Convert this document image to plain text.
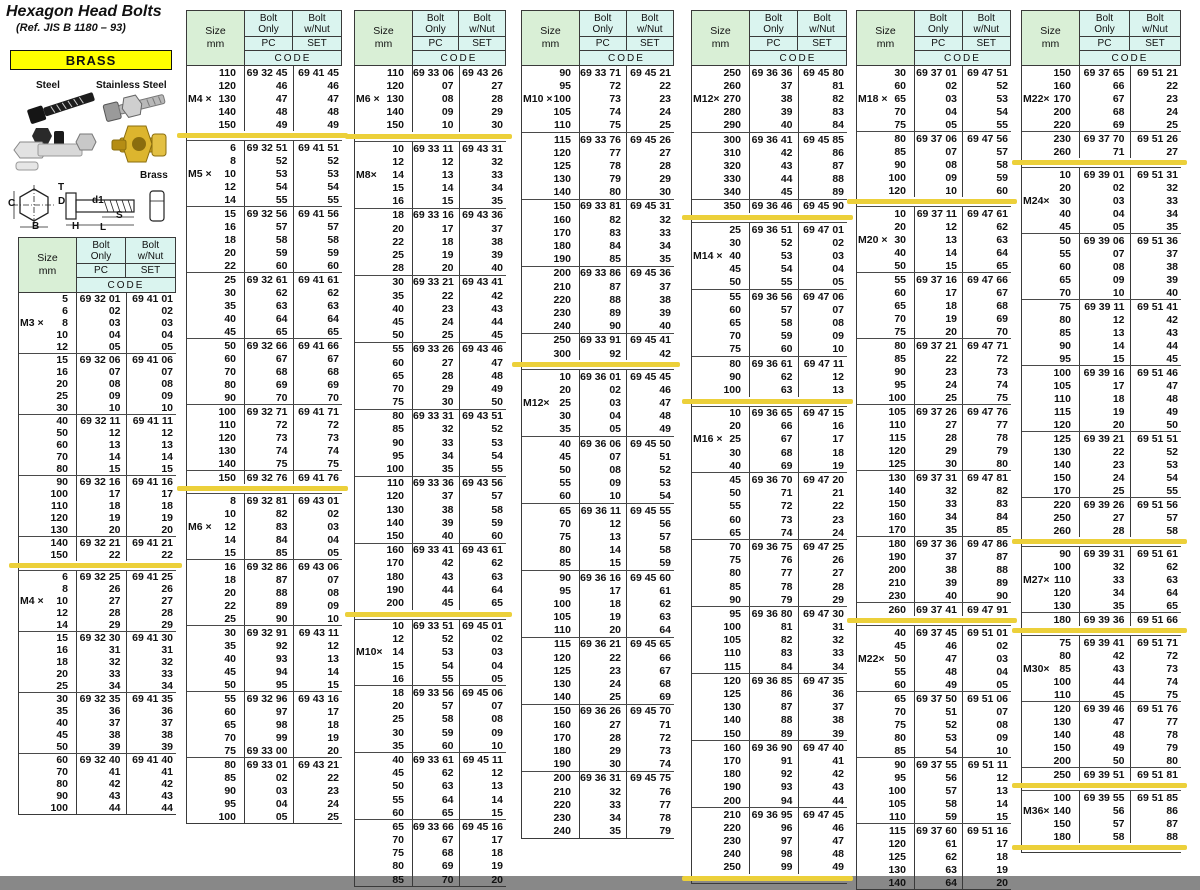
Hexagon Head Bolts
(Ref. JIS B 1180 – 93)
BRASS
Steel	Stainless Steel
Brass
C
B
T
D	d1
H L
S
Size
mm
Bolt
Only
Bolt
w/Nut
PC	SET
CODE
5 69 32 01	69 41 01
6	02	02
M3 × 8	03	03
10	04	04
12	05	05
15 69 32 06	69 41 06
16	07	07
20	08	08
25	09	09
30	10	10
40	69 32 11	69 41 11
50	12	12
60	13	13
70	14	14
80	15	15
90 69 32 16	69 41 16
100	17	17
110	18	18
120	19	19
130	20	20
140 69 32 21	69 41 21
150	22	22
6 69 32 25	69 41 25
8	26	26
M4 × 10	27	27
12	28	28
14	29	29
15 69 32 30	69 41 30
16	31	31
18	32	32
20	33	33
25	34	34
30 69 32 35	69 41 35
35	36	36
40	37	37
45	38	38
50	39	39
60 69 32 40	69 41 40
70	41	41
80	42	42
90	43	43
100	44	44
Size
mm
Bolt
Only
Bolt
w/Nut
PC	SET
CODE
110 69 32 45	69 41 45
120	46	46
M4 × 130	47	47
140	48	48
150	49	49
6 69 32 51	69 41 51
8	52	52
M5 × 10	53	53
12	54	54
14	55	55
15 69 32 56	69 41 56
16	57	57
18	58	58
20	59	59
22	60	60
25 69 32 61	69 41 61
30	62	62
35	63	63
40	64	64
45	65	65
50 69 32 66	69 41 66
60	67	67
70	68	68
80	69	69
90	70	70
100 69 32 71	69 41 71
110	72	72
120	73	73
130	74	74
140	75	75
150 69 32 76	69 41 76
8 69 32 81	69 43 01
10	82	02
M6 × 12	83	03
14	84	04
15	85	05
16 69 32 86	69 43 06
18	87	07
20	88	08
22	89	09
25	90	10
30 69 32 91	69 43 11
35	92	12
40	93	13
45	94	14
50	95	15
55 69 32 96	69 43 16
60	97	17
65	98	18
70	99	19
75 69 33 00	20
80 69 33 01	69 43 21
85	02	22
90	03	23
95	04	24
100	05	25
Size
mm
Bolt
Only
Bolt
w/Nut
PC	SET
CODE
110 69 33 06 69 43 26
120	07	27
M6 × 130	08	28
140	09	29
150	10	30
10 69 33 11 69 43 31
12	12	32
M8× 14	13	33
15	14	34
16	15	35
18 69 33 16 69 43 36
20	17	37
22	18	38
25	19	39
28	20	40
30 69 33 21 69 43 41
35	22	42
40	23	43
45	24	44
50	25	45
55 69 33 26 69 43 46
60	27	47
65	28	48
70	29	49
75	30	50
80 69 33 31 69 43 51
85	32	52
90	33	53
95	34	54
100	35	55
110 69 33 36 69 43 56
120	37	57
130	38	58
140	39	59
150	40	60
160 69 33 41 69 43 61
170	42	62
180	43	63
190	44	64
200	45	65
10 69 33 51 69 45 01
12	52	02
M10× 14	53	03
15	54	04
16	55	05
18 69 33 56 69 45 06
20	57	07
25	58	08
30	59	09
35	60	10
40 69 33 61 69 45 11
45	62	12
50	63	13
55	64	14
60	65	15
65 69 33 66 69 45 16
70	67	17
75	68	18
80	69	19
85	70	20
Size
mm
Bolt
Only
Bolt
w/Nut
PC	SET
CODE
90 69 33 71 69 45 21
95	72	22
M10 × 100	73	23
105	74	24
110	75	25
115 69 33 76 69 45 26
120	77	27
125	78	28
130	79	29
140	80	30
150 69 33 81 69 45 31
160	82	32
170	83	33
180	84	34
190	85	35
200 69 33 86 69 45 36
210	87	37
220	88	38
230	89	39
240	90	40
250 69 33 91 69 45 41
300	92	42
10 69 36 01 69 45 45
20	02	46
M12× 25	03	47
30	04	48
35	05	49
40 69 36 06 69 45 50
45	07	51
50	08	52
55	09	53
60	10	54
65 69 36 11 69 45 55
70	12	56
75	13	57
80	14	58
85	15	59
90 69 36 16 69 45 60
95	17	61
100	18	62
105	19	63
110	20	64
115 69 36 21 69 45 65
120	22	66
125	23	67
130	24	68
140	25	69
150 69 36 26 69 45 70
160	27	71
170	28	72
180	29	73
190	30	74
200 69 36 31 69 45 75
210	32	76
220	33	77
230	34	78
240	35	79
Size
mm
Bolt
Only
Bolt
w/Nut
PC	SET
CODE
250 69 36 36	69 45 80
260	37	81
M12× 270	38	82
280	39	83
290	40	84
300 69 36 41	69 45 85
310	42	86
320	43	87
330	44	88
340	45	89
350 69 36 46	69 45 90
25 69 36 51	69 47 01
30	52	02
M14 × 40	53	03
45	54	04
50	55	05
55 69 36 56	69 47 06
60	57	07
65	58	08
70	59	09
75	60	10
80 69 36 61	69 47 11
90	62	12
100	63	13
10 69 36 65	69 47 15
20	66	16
M16 × 25	67	17
30	68	18
40	69	19
45 69 36 70	69 47 20
50	71	21
55	72	22
60	73	23
65	74	24
70 69 36 75	69 47 25
75	76	26
80	77	27
85	78	28
90	79	29
95 69 36 80	69 47 30
100	81	31
105	82	32
110	83	33
115	84	34
120 69 36 85	69 47 35
125	86	36
130	87	37
140	88	38
150	89	39
160 69 36 90	69 47 40
170	91	41
180	92	42
190	93	43
200	94	44
210 69 36 95	69 47 45
220	96	46
230	97	47
240	98	48
250	99	49
Size
mm
Bolt
Only
Bolt
w/Nut
PC	SET
CODE
30 69 37 01 69 47 51
60	02	52
M18 × 65	03	53
70	04	54
75	05	55
80 69 37 06 69 47 56
85	07	57
90	08	58
100	09	59
120	10	60
10 69 37 11 69 47 61
20	12	62
M20 × 30	13	63
40	14	64
50	15	65
55 69 37 16 69 47 66
60	17	67
65	18	68
70	19	69
75	20	70
80 69 37 21 69 47 71
85	22	72
90	23	73
95	24	74
100	25	75
105 69 37 26 69 47 76
110	27	77
115	28	78
120	29	79
125	30	80
130 69 37 31 69 47 81
140	32	82
150	33	83
160	34	84
170	35	85
180 69 37 36 69 47 86
190	37	87
200	38	88
210	39	89
230	40	90
260 69 37 41 69 47 91
40 69 37 45 69 51 01
45	46	02
M22× 50	47	03
55	48	04
60	49	05
65 69 37 50 69 51 06
70	51	07
75	52	08
80	53	09
85	54	10
90 69 37 55	69 51 11
95	56	12
100	57	13
105	58	14
110	59	15
115 69 37 60 69 51 16
120	61	17
125	62	18
130	63	19
140	64	20
Size
mm
Bolt
Only
Bolt
w/Nut
PC	SET
CODE
150	69 37 65	69 51 21
160	66	22
M22× 170	67	23
200	68	24
220	69	25
230	69 37 70	69 51 26
260	71	27
10	69 39 01	69 51 31
20	02	32
M24× 30	03	33
40	04	34
45	05	35
50	69 39 06	69 51 36
55	07	37
60	08	38
65	09	39
70	10	40
75	69 39 11	69 51 41
80	12	42
85	13	43
90	14	44
95	15	45
100	69 39 16	69 51 46
105	17	47
110	18	48
115	19	49
120	20	50
125	69 39 21	69 51 51
130	22	52
140	23	53
150	24	54
170	25	55
220	69 39 26	69 51 56
250	27	57
260	28	58
90	69 39 31	69 51 61
100	32	62
M27× 110	33	63
120	34	64
130	35	65
180	69 39 36	69 51 66
75	69 39 41	69 51 71
80	42	72
M30× 85	43	73
100	44	74
110	45	75
120	69 39 46	69 51 76
130	47	77
140	48	78
150	49	79
200	50	80
250	69 39 51	69 51 81
100	69 39 55	69 51 85
M36× 140	56	86
150	57	87
180	58	88
